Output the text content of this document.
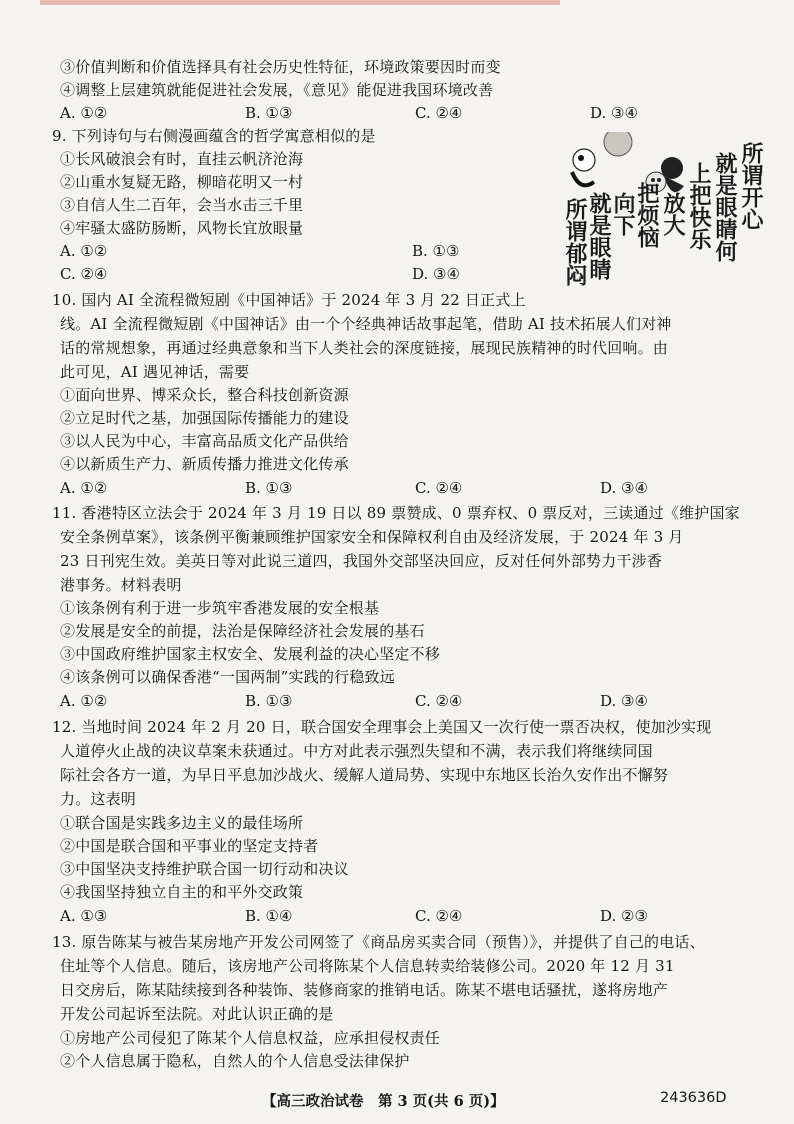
③价值判断和价值选择具有社会历史性特征，环境政策要因时而变
④调整上层建筑就能促进社会发展，《意见》能促进我国环境改善
A. ①②	B. ①③	C. ②④	D. ③④
9. 下列诗句与右侧漫画蕴含的哲学寓意相似的是
①长风破浪会有时，直挂云帆济沧海
②山重水复疑无路，柳暗花明又一村
③自信人生二百年，会当水击三千里
④牢骚太盛防肠断，风物长宜放眼量
A. ①②	B. ①③
C. ②④	D. ③④
所谓开心
就是眼睛何
上把快乐
放大
把烦恼
向下
就是眼睛
所谓郁闷
10. 国内 AI 全流程微短剧《中国神话》于 2024 年 3 月 22 日正式上
线。AI 全流程微短剧《中国神话》由一个个经典神话故事起笔，借助 AI 技术拓展人们对神
话的常规想象，再通过经典意象和当下人类社会的深度链接，展现民族精神的时代回响。由
此可见，AI 遇见神话，需要
①面向世界、博采众长，整合科技创新资源
②立足时代之基，加强国际传播能力的建设
③以人民为中心，丰富高品质文化产品供给
④以新质生产力、新质传播力推进文化传承
A. ①②	B. ①③	C. ②④	D. ③④
11. 香港特区立法会于 2024 年 3 月 19 日以 89 票赞成、0 票弃权、0 票反对，三读通过《维护国家
安全条例草案》，该条例平衡兼顾维护国家安全和保障权利自由及经济发展，于 2024 年 3 月
23 日刊宪生效。美英日等对此说三道四，我国外交部坚决回应，反对任何外部势力干涉香
港事务。材料表明
①该条例有利于进一步筑牢香港发展的安全根基
②发展是安全的前提，法治是保障经济社会发展的基石
③中国政府维护国家主权安全、发展利益的决心坚定不移
④该条例可以确保香港“一国两制”实践的行稳致远
A. ①②	B. ①③	C. ②④	D. ③④
12. 当地时间 2024 年 2 月 20 日，联合国安全理事会上美国又一次行使一票否决权，使加沙实现
人道停火止战的决议草案未获通过。中方对此表示强烈失望和不满，表示我们将继续同国
际社会各方一道，为早日平息加沙战火、缓解人道局势、实现中东地区长治久安作出不懈努
力。这表明
①联合国是实践多边主义的最佳场所
②中国是联合国和平事业的坚定支持者
③中国坚决支持维护联合国一切行动和决议
④我国坚持独立自主的和平外交政策
A. ①③	B. ①④	C. ②④	D. ②③
13. 原告陈某与被告某房地产开发公司网签了《商品房买卖合同（预售）》，并提供了自己的电话、
住址等个人信息。随后，该房地产公司将陈某个人信息转卖给装修公司。2020 年 12 月 31
日交房后，陈某陆续接到各种装饰、装修商家的推销电话。陈某不堪电话骚扰，遂将房地产
开发公司起诉至法院。对此认识正确的是
①房地产公司侵犯了陈某个人信息权益，应承担侵权责任
②个人信息属于隐私，自然人的个人信息受法律保护
【高三政治试卷　第 3 页(共 6 页)】	243636D
